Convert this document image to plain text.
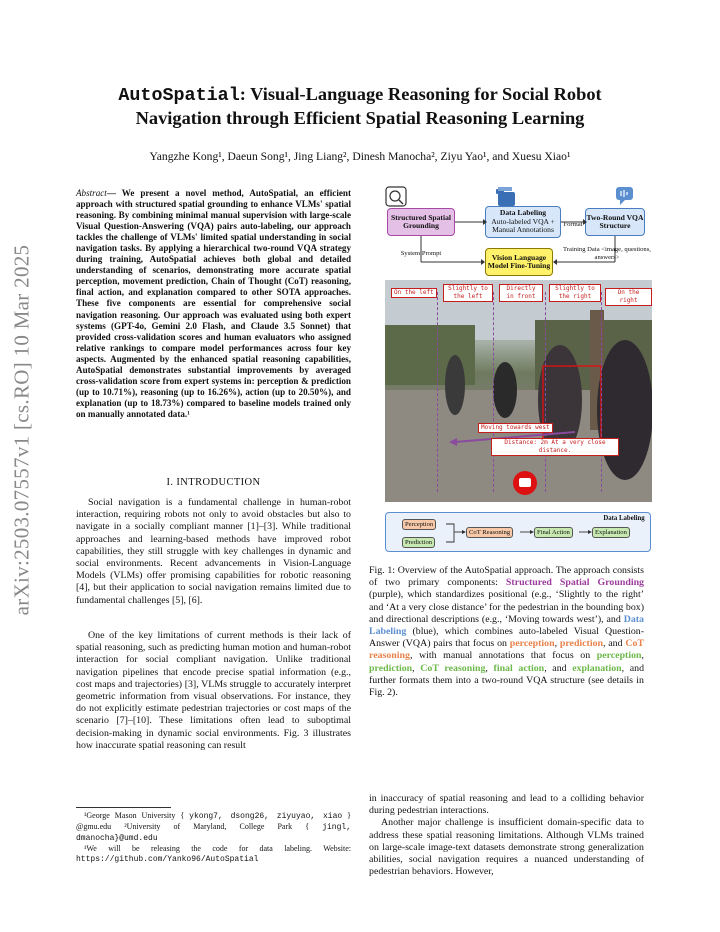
arXiv:2503.07557v1 [cs.RO] 10 Mar 2025
AutoSpatial: Visual-Language Reasoning for Social Robot
Navigation through Efficient Spatial Reasoning Learning
Yangzhe Kong¹, Daeun Song¹, Jing Liang², Dinesh Manocha², Ziyu Yao¹, and Xuesu Xiao¹
Abstract— We present a novel method, AutoSpatial, an efficient approach with structured spatial grounding to enhance VLMs' spatial reasoning. By combining minimal manual supervision with large-scale Visual Question-Answering (VQA) pairs auto-labeling, our approach tackles the challenge of VLMs' limited spatial understanding in social navigation tasks. By applying a hierarchical two-round VQA strategy during training, AutoSpatial achieves both global and detailed understanding of scenarios, demonstrating more accurate spatial perception, movement prediction, Chain of Thought (CoT) reasoning, final action, and explanation compared to other SOTA approaches. These five components are essential for comprehensive social navigation reasoning. Our approach was evaluated using both expert systems (GPT-4o, Gemini 2.0 Flash, and Claude 3.5 Sonnet) that provided cross-validation scores and human evaluators who assigned relative rankings to compare model performances across four key aspects. Augmented by the enhanced spatial reasoning capabilities, AutoSpatial demonstrates substantial improvements by averaged cross-validation score from expert systems in: perception & prediction (up to 10.71%), reasoning (up to 16.26%), action (up to 20.50%), and explanation (up to 18.73%) compared to baseline models trained only on manually annotated data.¹
I. INTRODUCTION

Social navigation is a fundamental challenge in human-robot interaction, requiring robots not only to avoid obstacles but also to navigate in a socially compliant manner [1]–[3]. While traditional approaches and learning-based methods have improved robot capabilities, they still struggle with key challenges in dynamic and social environments. Recent advancements in Vision-Language Models (VLMs) offer promising capabilities for robotic reasoning [4], but their application to social navigation remains limited due to fundamental challenges [5], [6].

One of the key limitations of current methods is their lack of spatial reasoning, such as predicting human motion and human-robot interaction for social compliant navigation. Unlike traditional navigation pipelines that encode precise spatial information (e.g., cost maps and trajectories) [3], VLMs struggle to accurately interpret geometric information from visual observations. For instance, they do not explicitly estimate pedestrian trajectories or cost maps of the scenario [7]–[10]. These limitations often lead to suboptimal decision-making in dynamic social environments. Fig. 3 illustrates how inaccurate spatial reasoning can result

¹George Mason University { ykong7, dsong26, ziyuyao, xiao } @gmu.edu ²University of Maryland, College Park { jingl, dmanocha}@umd.edu
¹We will be releasing the code for data labeling. Website: https://github.com/Yanko96/AutoSpatial
Structured Spatial Grounding
Data Labeling
Auto-labeled VQA + Manual Annotations
Format
Two-Round VQA Structure
System Prompt
Training Data <image, questions, answers>
Vision Language Model Fine-Tuning
On the left
Slightly to the left
Directly in front
Slightly to the right
On the right
Moving towards west
Distance: 2m At a very close distance.
Data Labeling
Perception
Prediction
CoT Reasoning	Final Action	Explanation
Fig. 1: Overview of the AutoSpatial approach. The approach consists of two primary components: Structured Spatial Grounding (purple), which standardizes positional (e.g., ‘Slightly to the right’ and ‘At a very close distance’ for the pedestrian in the bounding box) and directional descriptions (e.g., ‘Moving towards west’), and Data Labeling (blue), which combines auto-labeled Visual Question-Answer (VQA) pairs that focus on perception, prediction, and CoT reasoning, with manual annotations that focus on perception, prediction, CoT reasoning, final action, and explanation, and further formats them into a two-round VQA structure (see details in Fig. 2).

in inaccuracy of spatial reasoning and lead to a colliding behavior during pedestrian interactions.

Another major challenge is insufficient domain-specific data to address these spatial reasoning limitations. Although VLMs trained on large-scale image-text datasets demonstrate strong generalization abilities, social navigation requires a nuanced understanding of pedestrian behaviors. However,
